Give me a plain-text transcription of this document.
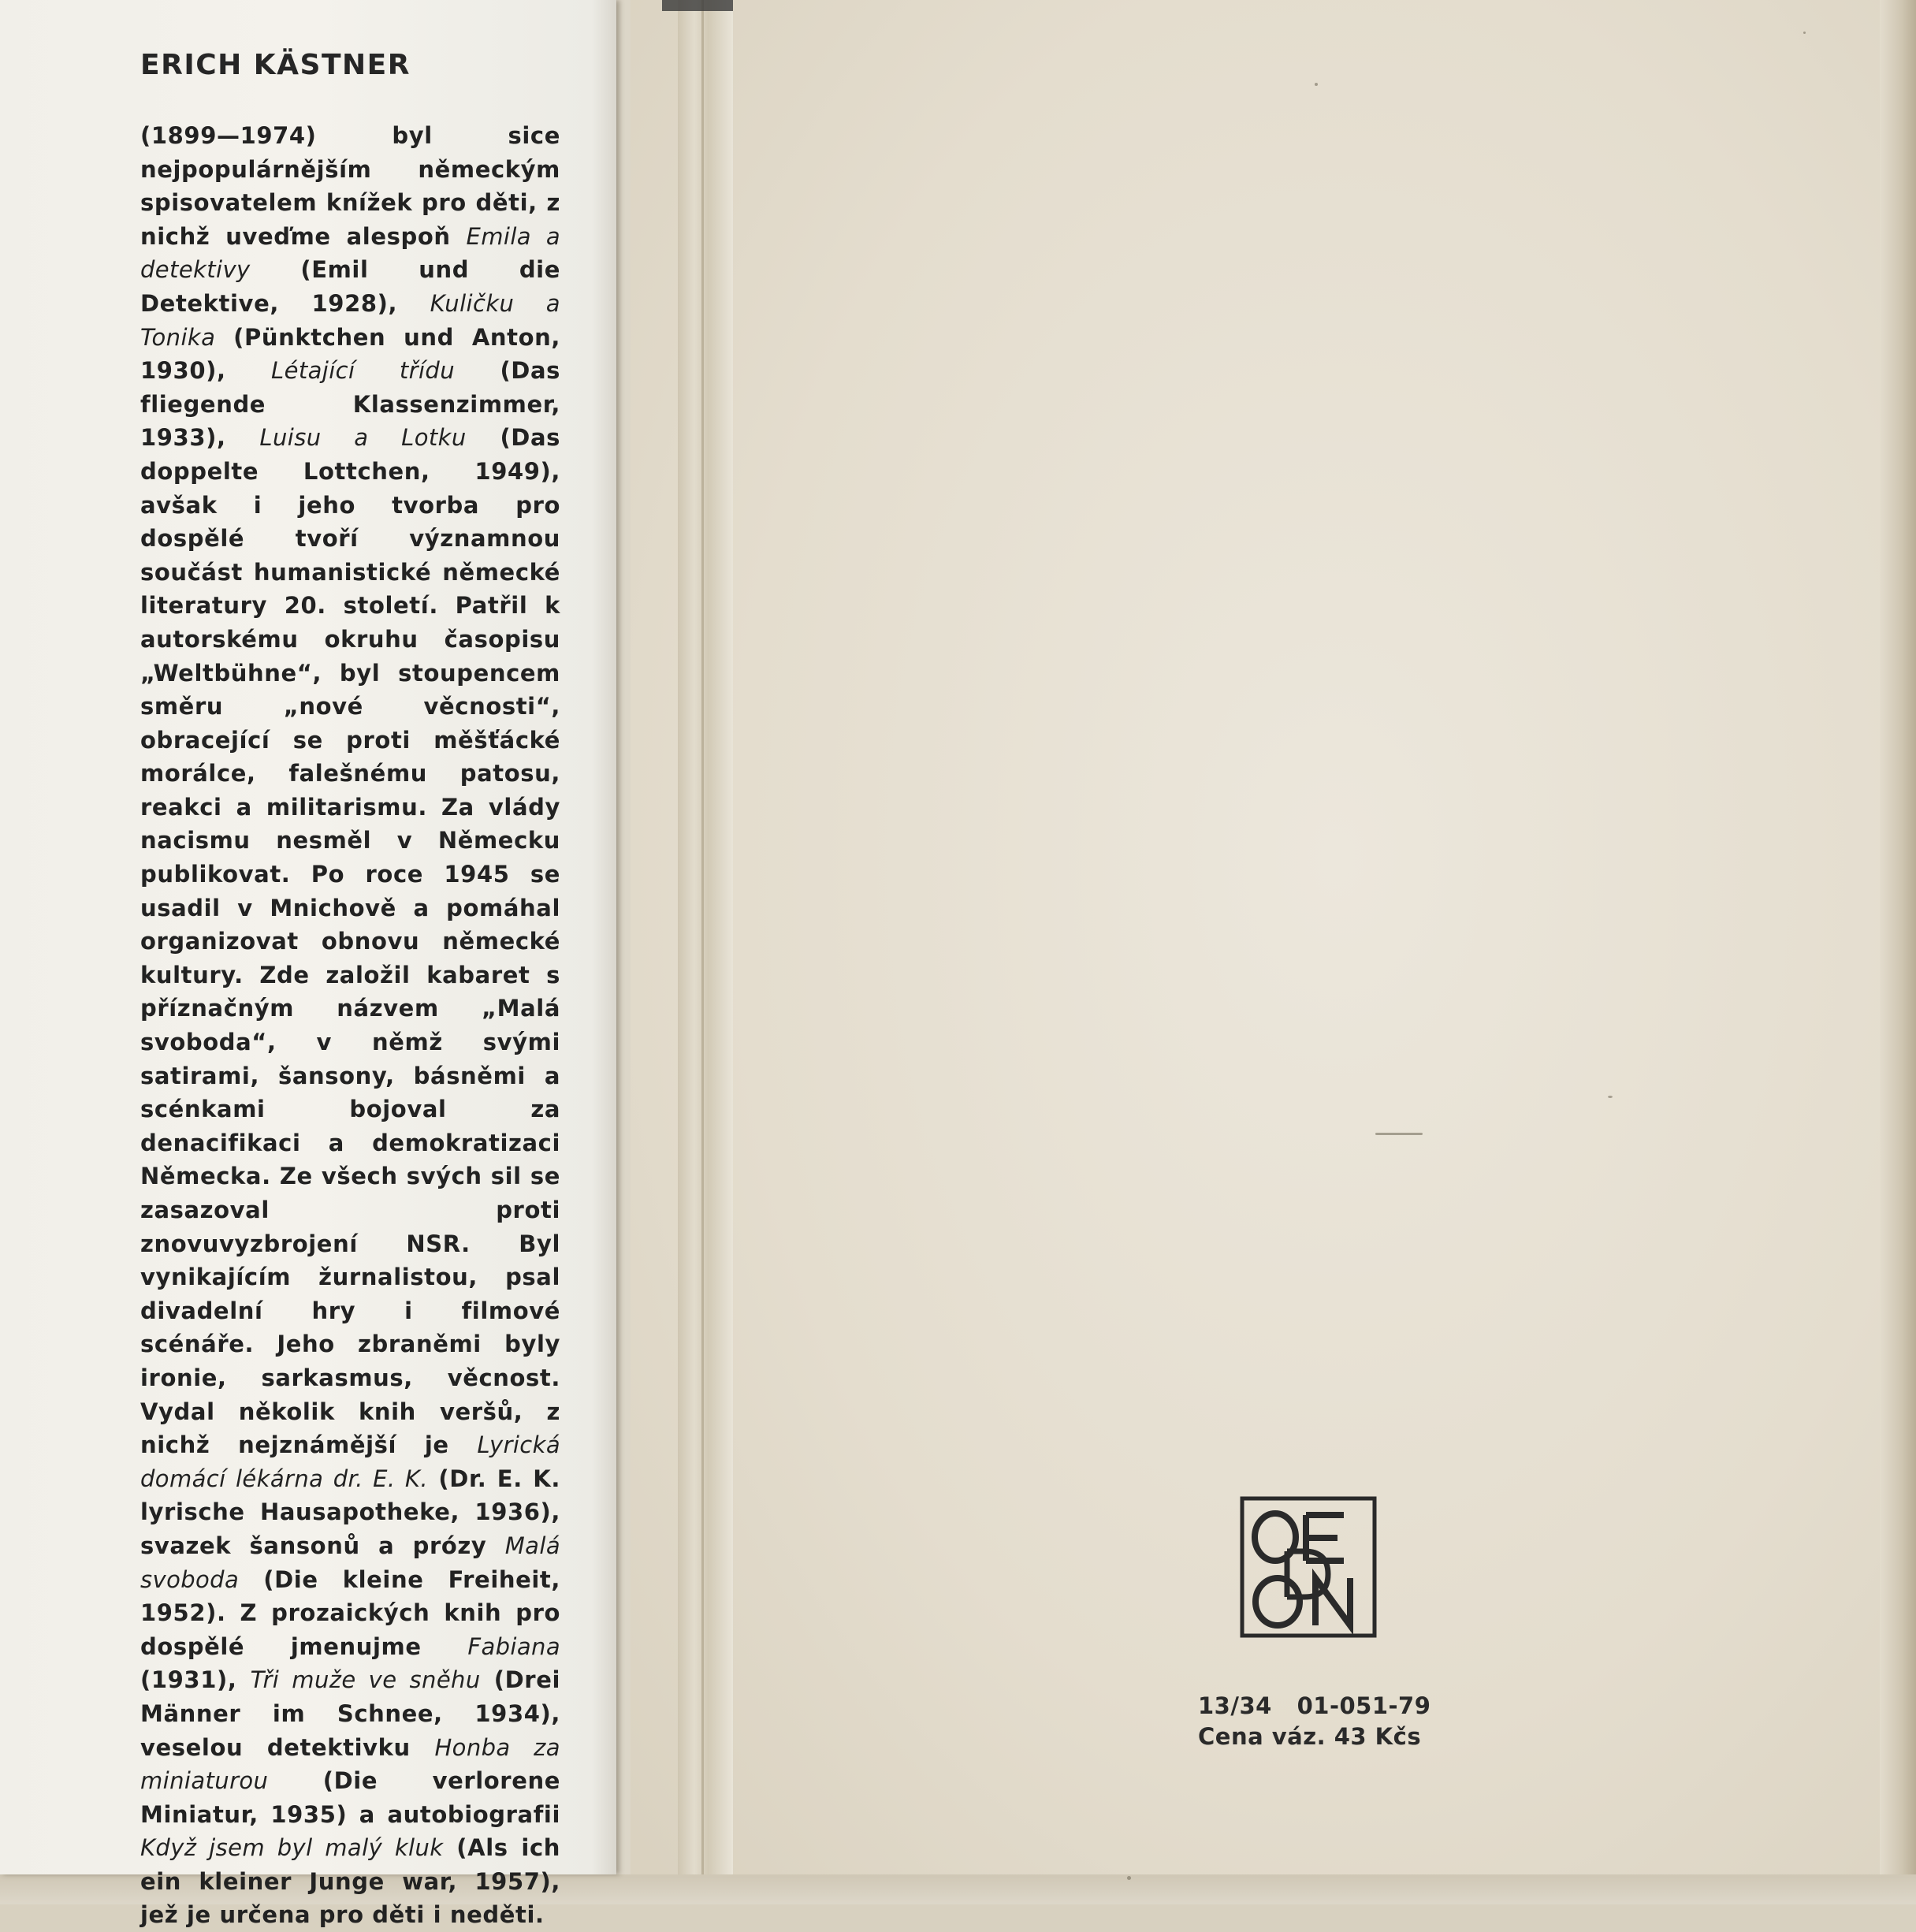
ERICH KÄSTNER

(1899—1974) byl sice nejpopulárnějším německým spisovatelem knížek pro děti, z nichž uveďme alespoň Emila a detektivy (Emil und die Detektive, 1928), Kuličku a Tonika (Pünktchen und Anton, 1930), Létající třídu (Das fliegende Klassenzimmer, 1933), Luisu a Lotku (Das doppelte Lottchen, 1949), avšak i jeho tvorba pro dospělé tvoří významnou součást humanistické německé literatury 20. století. Patřil k autorskému okruhu časopisu „Weltbühne“, byl stoupencem směru „nové věcnosti“, obracející se proti měšťácké morálce, falešnému patosu, reakci a militarismu. Za vlády nacismu nesměl v Německu publikovat. Po roce 1945 se usadil v Mnichově a pomáhal organizovat obnovu německé kultury. Zde založil kabaret s příznačným názvem „Malá svoboda“, v němž svými satirami, šansony, básněmi a scénkami bojoval za denacifikaci a demokratizaci Německa. Ze všech svých sil se zasazoval proti znovuvyzbrojení NSR. Byl vynikajícím žurnalistou, psal divadelní hry i filmové scénáře. Jeho zbraněmi byly ironie, sarkasmus, věcnost. Vydal několik knih veršů, z nichž nejznámější je Lyrická domácí lékárna dr. E. K. (Dr. E. K. lyrische Hausapotheke, 1936), svazek šansonů a prózy Malá svoboda (Die kleine Freiheit, 1952). Z prozaických knih pro dospělé jmenujme Fabiana (1931), Tři muže ve sněhu (Drei Männer im Schnee, 1934), veselou detektivku Honba za miniaturou (Die verlorene Miniatur, 1935) a autobiografii Když jsem byl malý kluk (Als ich ein kleiner Junge war, 1957), jež je určena pro děti i neděti.

13/34   01-051-79
Cena váz. 43 Kčs
